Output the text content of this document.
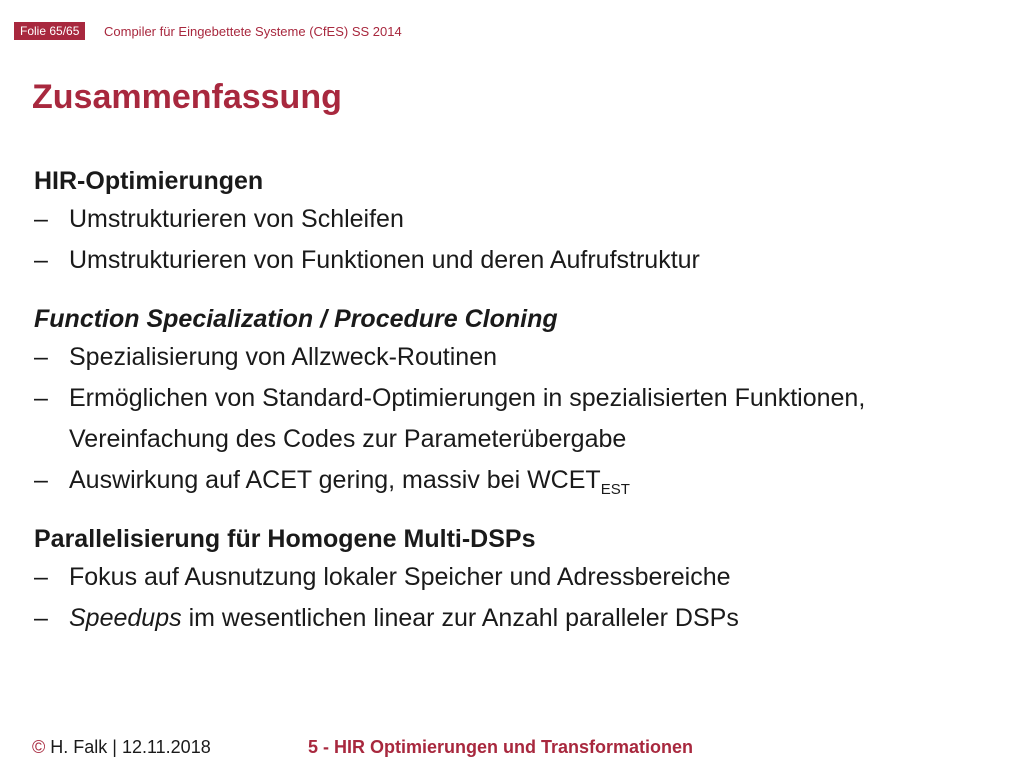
Folie 65/65	Compiler für Eingebettete Systeme (CfES) SS 2014
Zusammenfassung
HIR-Optimierungen
– Umstrukturieren von Schleifen
– Umstrukturieren von Funktionen und deren Aufrufstruktur
Function Specialization / Procedure Cloning
– Spezialisierung von Allzweck-Routinen
– Ermöglichen von Standard-Optimierungen in spezialisierten Funktionen,
Vereinfachung des Codes zur Parameterübergabe
– Auswirkung auf ACET gering, massiv bei $WCET_{EST}$
Parallelisierung für Homogene Multi-DSPs
– Fokus auf Ausnutzung lokaler Speicher und Adressbereiche
– Speedups im wesentlichen linear zur Anzahl paralleler DSPs
© H. Falk | 12.11.2018	5 - HIR Optimierungen und Transformationen
